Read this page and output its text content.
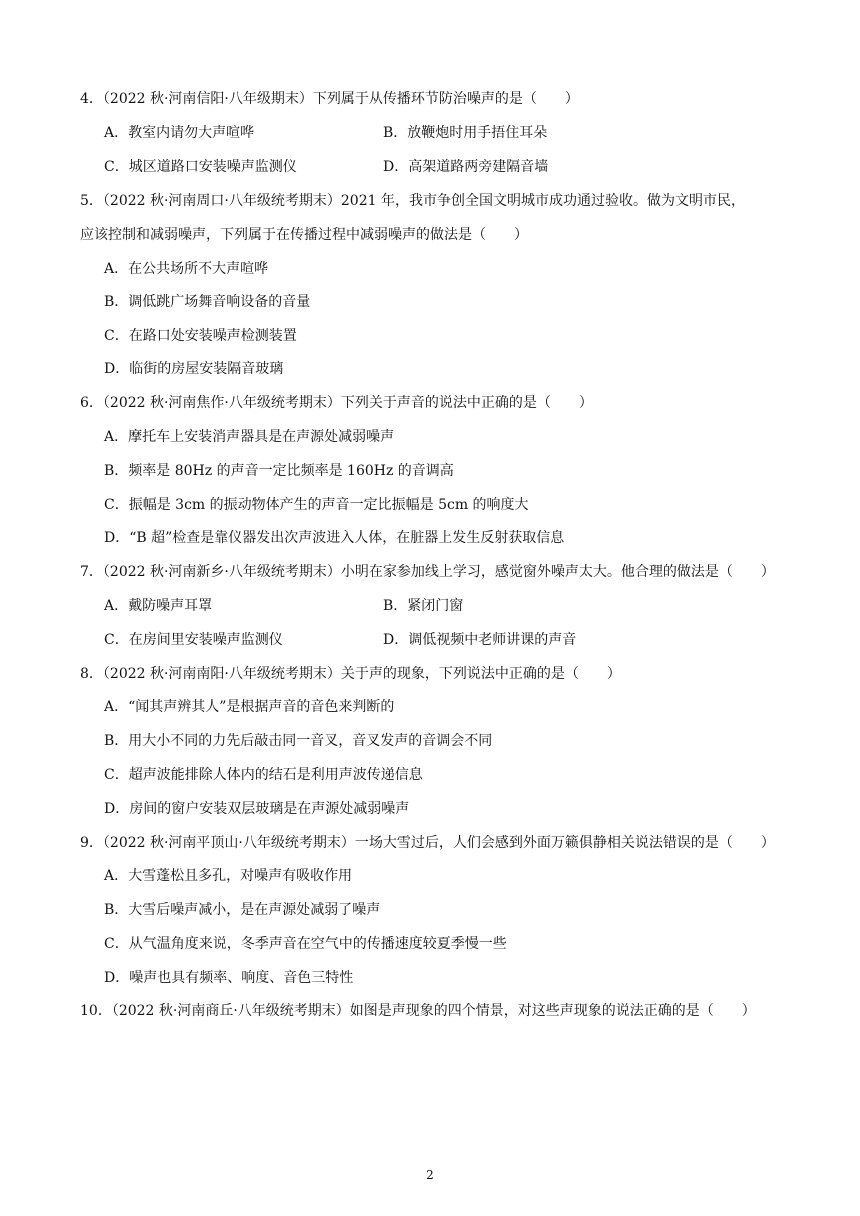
4．（2022 秋·河南信阳·八年级期末）下列属于从传播环节防治噪声的是（　　）
A．教室内请勿大声喧哗	B．放鞭炮时用手捂住耳朵
C．城区道路口安装噪声监测仪	D．高架道路两旁建隔音墙
5．（2022 秋·河南周口·八年级统考期末）2021 年，我市争创全国文明城市成功通过验收。做为文明市民，
应该控制和减弱噪声，下列属于在传播过程中减弱噪声的做法是（　　）
A．在公共场所不大声喧哗
B．调低跳广场舞音响设备的音量
C．在路口处安装噪声检测装置
D．临街的房屋安装隔音玻璃
6．（2022 秋·河南焦作·八年级统考期末）下列关于声音的说法中正确的是（　　）
A．摩托车上安装消声器具是在声源处减弱噪声
B．频率是 80Hz 的声音一定比频率是 160Hz 的音调高
C．振幅是 3cm 的振动物体产生的声音一定比振幅是 5cm 的响度大
D．“B 超”检查是靠仪器发出次声波进入人体，在脏器上发生反射获取信息
7．（2022 秋·河南新乡·八年级统考期末）小明在家参加线上学习，感觉窗外噪声太大。他合理的做法是（　　）
A．戴防噪声耳罩	B．紧闭门窗
C．在房间里安装噪声监测仪	D．调低视频中老师讲课的声音
8．（2022 秋·河南南阳·八年级统考期末）关于声的现象，下列说法中正确的是（　　）
A．“闻其声辨其人”是根据声音的音色来判断的
B．用大小不同的力先后敲击同一音叉，音叉发声的音调会不同
C．超声波能排除人体内的结石是利用声波传递信息
D．房间的窗户安装双层玻璃是在声源处减弱噪声
9．（2022 秋·河南平顶山·八年级统考期末）一场大雪过后，人们会感到外面万籁俱静相关说法错误的是（　　）
A．大雪蓬松且多孔，对噪声有吸收作用
B．大雪后噪声减小，是在声源处减弱了噪声
C．从气温角度来说，冬季声音在空气中的传播速度较夏季慢一些
D．噪声也具有频率、响度、音色三特性
10．（2022 秋·河南商丘·八年级统考期末）如图是声现象的四个情景，对这些声现象的说法正确的是（　　）
2
